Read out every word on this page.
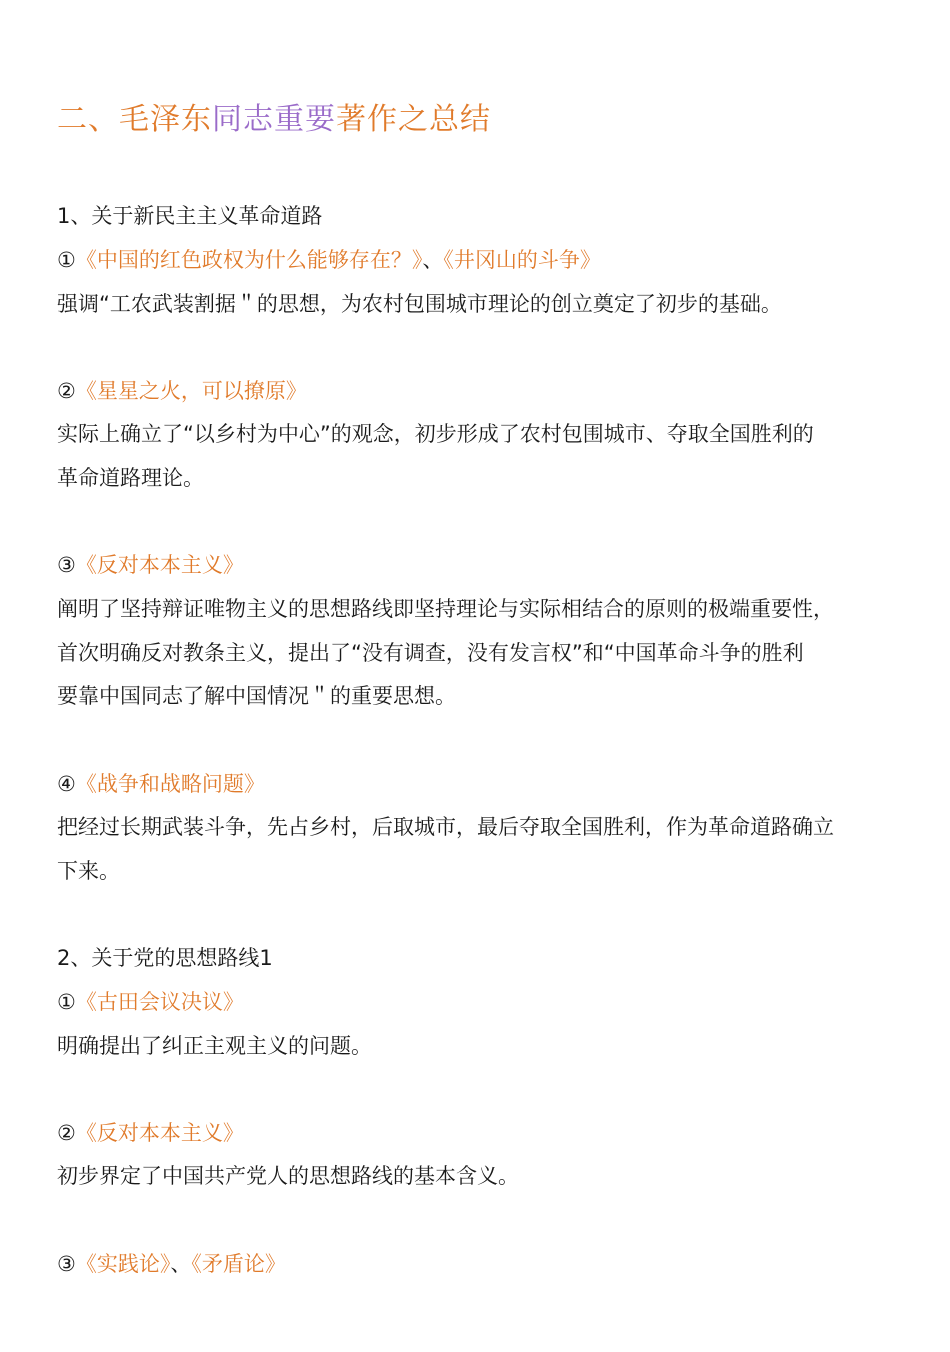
二、毛泽东同志重要著作之总结
1、关于新民主主义革命道路
①《中国的红色政权为什么能够存在？》、《井冈山的斗争》
强调“工农武装割据＂的思想，为农村包围城市理论的创立奠定了初步的基础。
②《星星之火，可以撩原》
实际上确立了“以乡村为中心”的观念，初步形成了农村包围城市、夺取全国胜利的
革命道路理论。
③《反对本本主义》
阐明了坚持辩证唯物主义的思想路线即坚持理论与实际相结合的原则的极端重要性，
首次明确反对教条主义，提出了“没有调查，没有发言权”和“中国革命斗争的胜利
要靠中国同志了解中国情况＂的重要思想。
④《战争和战略问题》
把经过长期武装斗争，先占乡村，后取城市，最后夺取全国胜利，作为革命道路确立
下来。
2、关于党的思想路线1
①《古田会议决议》
明确提出了纠正主观主义的问题。
②《反对本本主义》
初步界定了中国共产党人的思想路线的基本含义。
③《实践论》、《矛盾论》
